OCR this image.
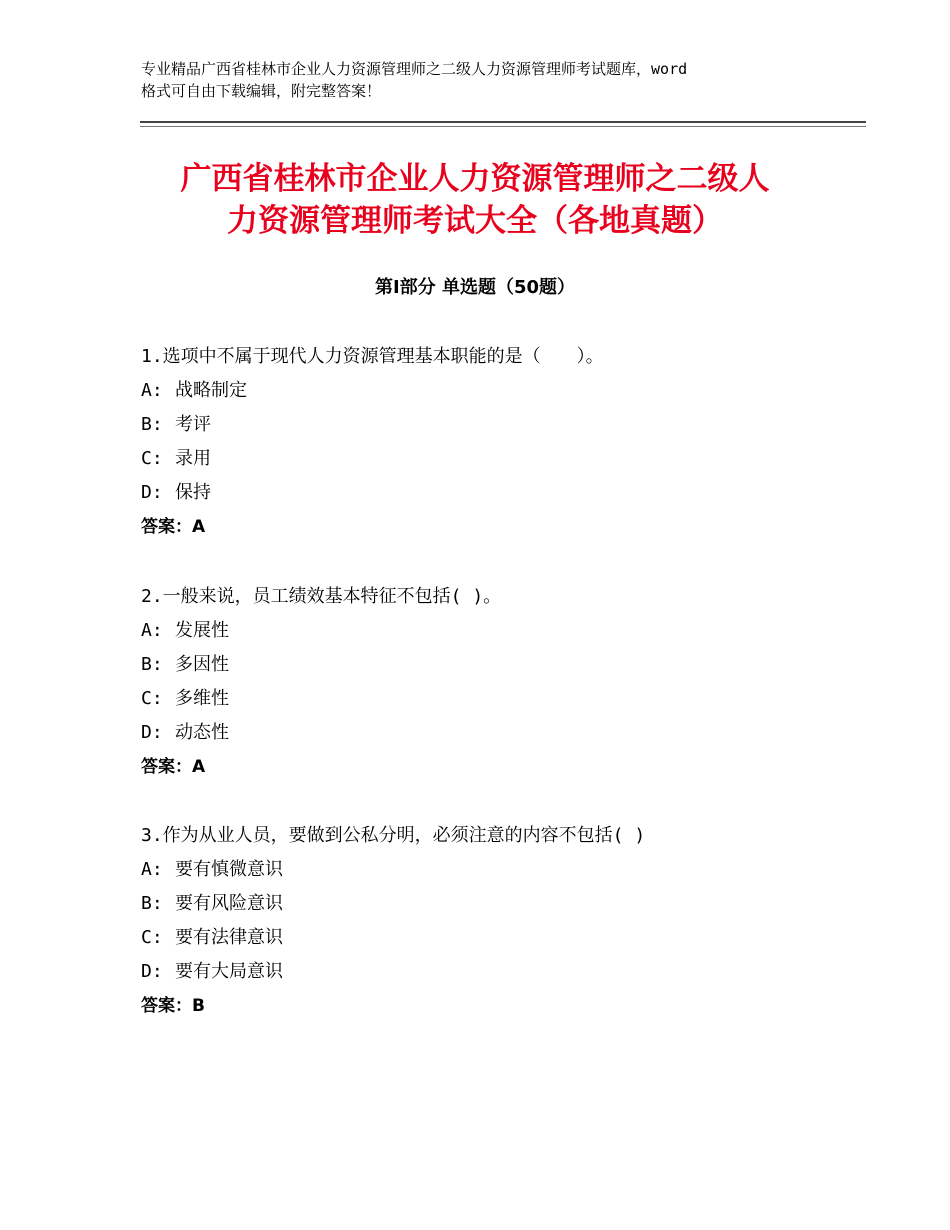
专业精品广西省桂林市企业人力资源管理师之二级人力资源管理师考试题库，word
格式可自由下载编辑，附完整答案！
广西省桂林市企业人力资源管理师之二级人
力资源管理师考试大全（各地真题）
第Ⅰ部分 单选题（50题）
1.选项中不属于现代人力资源管理基本职能的是（　　）。
A: 战略制定
B: 考评
C: 录用
D: 保持
答案：A
2.一般来说，员工绩效基本特征不包括( )。
A: 发展性
B: 多因性
C: 多维性
D: 动态性
答案：A
3.作为从业人员，要做到公私分明，必须注意的内容不包括( )
A: 要有慎微意识
B: 要有风险意识
C: 要有法律意识
D: 要有大局意识
答案：B
